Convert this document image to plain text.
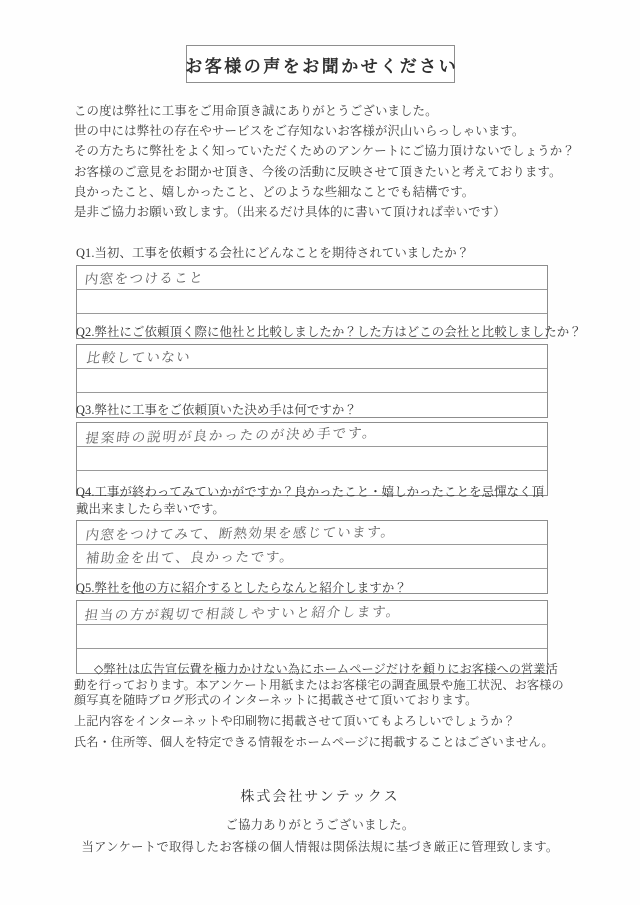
お客様の声をお聞かせください

この度は弊社に工事をご用命頂き誠にありがとうございました。

世の中には弊社の存在やサービスをご存知ないお客様が沢山いらっしゃいます。

その方たちに弊社をよく知っていただくためのアンケートにご協力頂けないでしょうか？

お客様のご意見をお聞かせ頂き、今後の活動に反映させて頂きたいと考えております。

良かったこと、嬉しかったこと、どのような些細なことでも結構です。

是非ご協力お願い致します。（出来るだけ具体的に書いて頂ければ幸いです）

Q1.当初、工事を依頼する会社にどんなことを期待されていましたか？

内窓をつけること

Q2.弊社にご依頼頂く際に他社と比較しましたか？した方はどこの会社と比較しましたか？

比較していない

Q3.弊社に工事をご依頼頂いた決め手は何ですか？

提案時の説明が良かったのが決め手です。

Q4.工事が終わってみていかがですか？良かったこと・嬉しかったことを忌憚なく頂戴出来ましたら幸いです。

内窓をつけてみて、断熱効果を感じています。
補助金を出て、良かったです。

Q5.弊社を他の方に紹介するとしたらなんと紹介しますか？

担当の方が親切で相談しやすいと紹介します。

◇弊社は広告宣伝費を極力かけない為にホームページだけを頼りにお客様への営業活動を行っております。本アンケート用紙またはお客様宅の調査風景や施工状況、お客様の顔写真を随時ブログ形式のインターネットに掲載させて頂いております。

上記内容をインターネットや印刷物に掲載させて頂いてもよろしいでしょうか？

氏名・住所等、個人を特定できる情報をホームページに掲載することはございません。

株式会社サンテックス

ご協力ありがとうございました。

当アンケートで取得したお客様の個人情報は関係法規に基づき厳正に管理致します。
